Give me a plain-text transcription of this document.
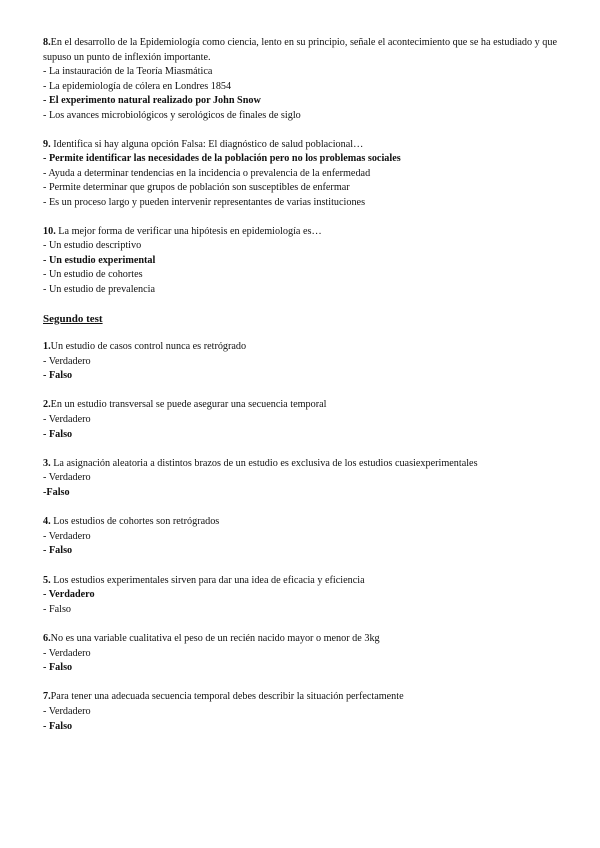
8.En el desarrollo de la Epidemiología como ciencia, lento en su principio, señale el acontecimiento que se ha estudiado y que supuso un punto de inflexión importante.

- La instauración de la Teoría Miasmática

- La epidemiología de cólera en Londres 1854

- El experimento natural realizado por John Snow

- Los avances microbiológicos y serológicos de finales de siglo

9. Identifica si hay alguna opción Falsa: El diagnóstico de salud poblacional…

- Permite identificar las necesidades de la población pero no los problemas sociales

- Ayuda a determinar tendencias en la incidencia o prevalencia de la enfermedad

- Permite determinar que grupos de población son susceptibles de enfermar

- Es un proceso largo y pueden intervenir representantes de varias instituciones

10. La mejor forma de verificar una hipótesis en epidemiología es…

- Un estudio descriptivo

- Un estudio experimental

- Un estudio de cohortes

- Un estudio de prevalencia

Segundo test

1.Un estudio de casos control nunca es retrógrado

- Verdadero

- Falso

2.En un estudio transversal se puede asegurar una secuencia temporal

- Verdadero

- Falso

3. La asignación aleatoria a distintos brazos de un estudio es exclusiva de los estudios cuasiexperimentales

- Verdadero

-Falso

4. Los estudios de cohortes son retrógrados

- Verdadero

- Falso

5. Los estudios experimentales sirven para dar una idea de eficacia y eficiencia

- Verdadero

- Falso

6.No es una variable cualitativa el peso de un recién nacido mayor o menor de 3kg

- Verdadero

- Falso

7.Para tener una adecuada secuencia temporal debes describir la situación perfectamente

- Verdadero

- Falso
